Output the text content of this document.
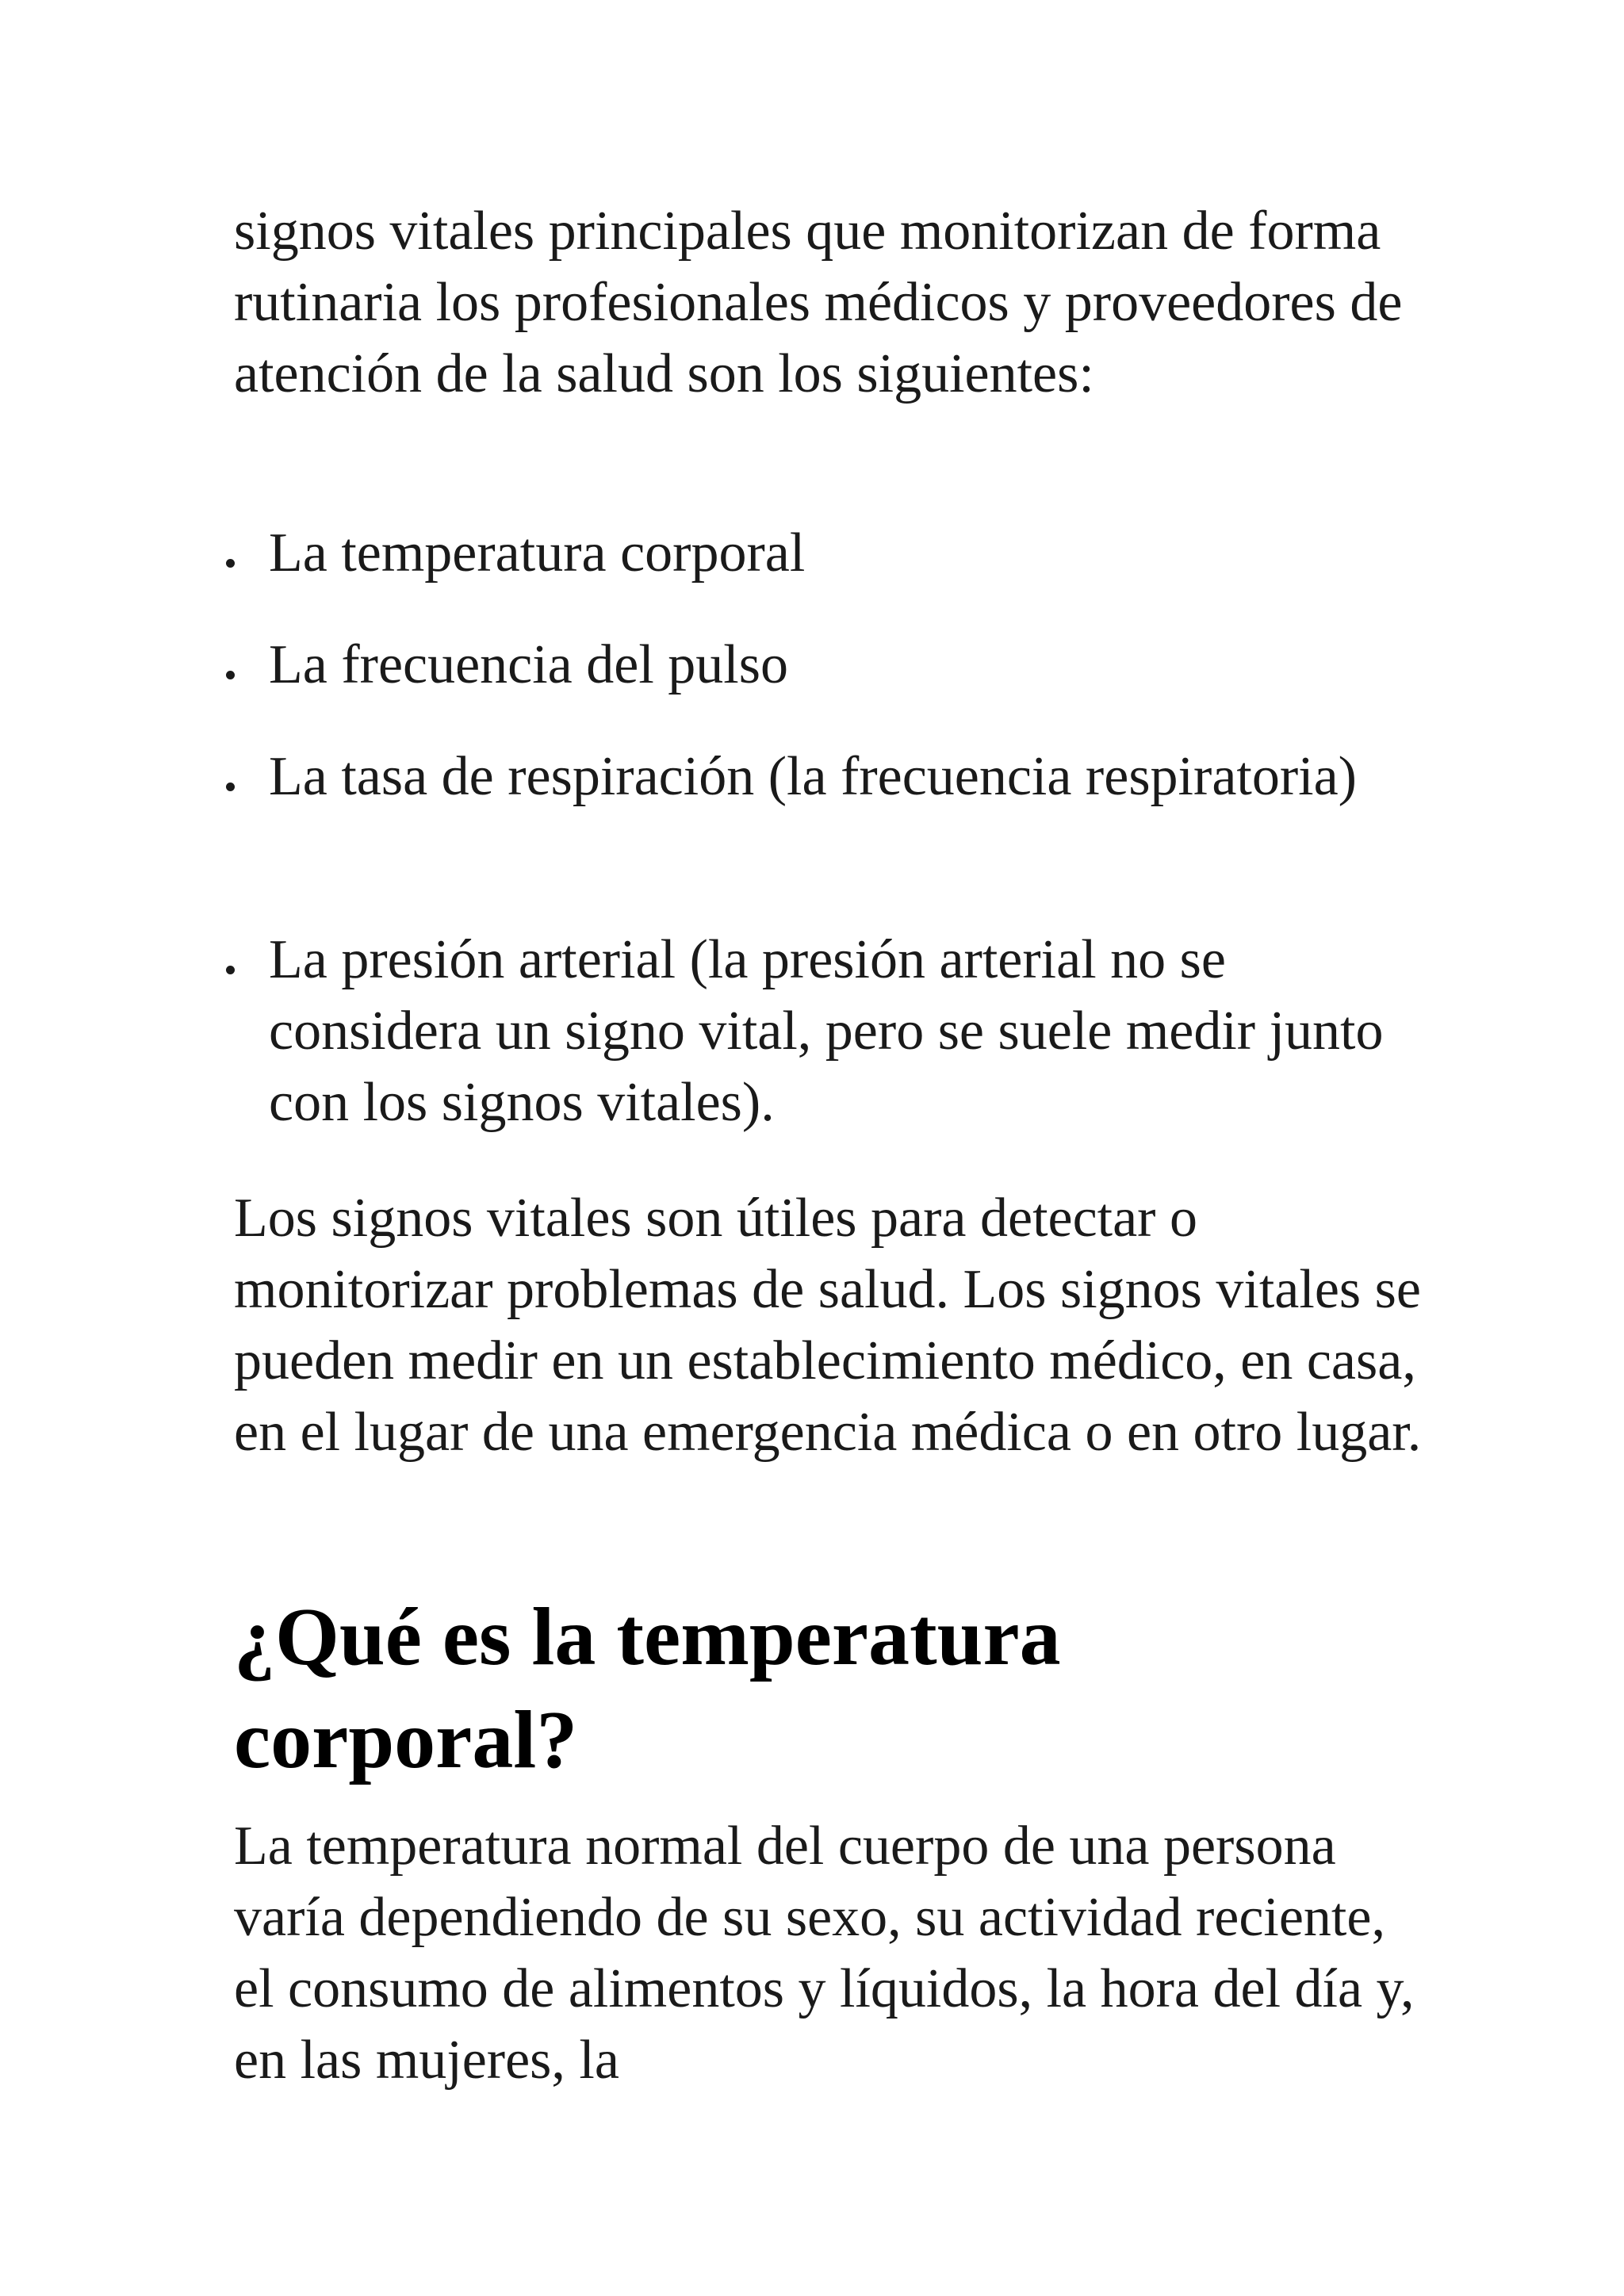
signos vitales principales que monitorizan de forma rutinaria los profesionales médicos y proveedores de atención de la salud son los siguientes:

La temperatura corporal
La frecuencia del pulso
La tasa de respiración (la frecuencia respiratoria)
La presión arterial (la presión arterial no se considera un signo vital, pero se suele medir junto con los signos vitales).

Los signos vitales son útiles para detectar o monitorizar problemas de salud. Los signos vitales se pueden medir en un establecimiento médico, en casa, en el lugar de una emergencia médica o en otro lugar.

¿Qué es la temperatura corporal?

La temperatura normal del cuerpo de una persona varía dependiendo de su sexo, su actividad reciente, el consumo de alimentos y líquidos, la hora del día y, en las mujeres, la
